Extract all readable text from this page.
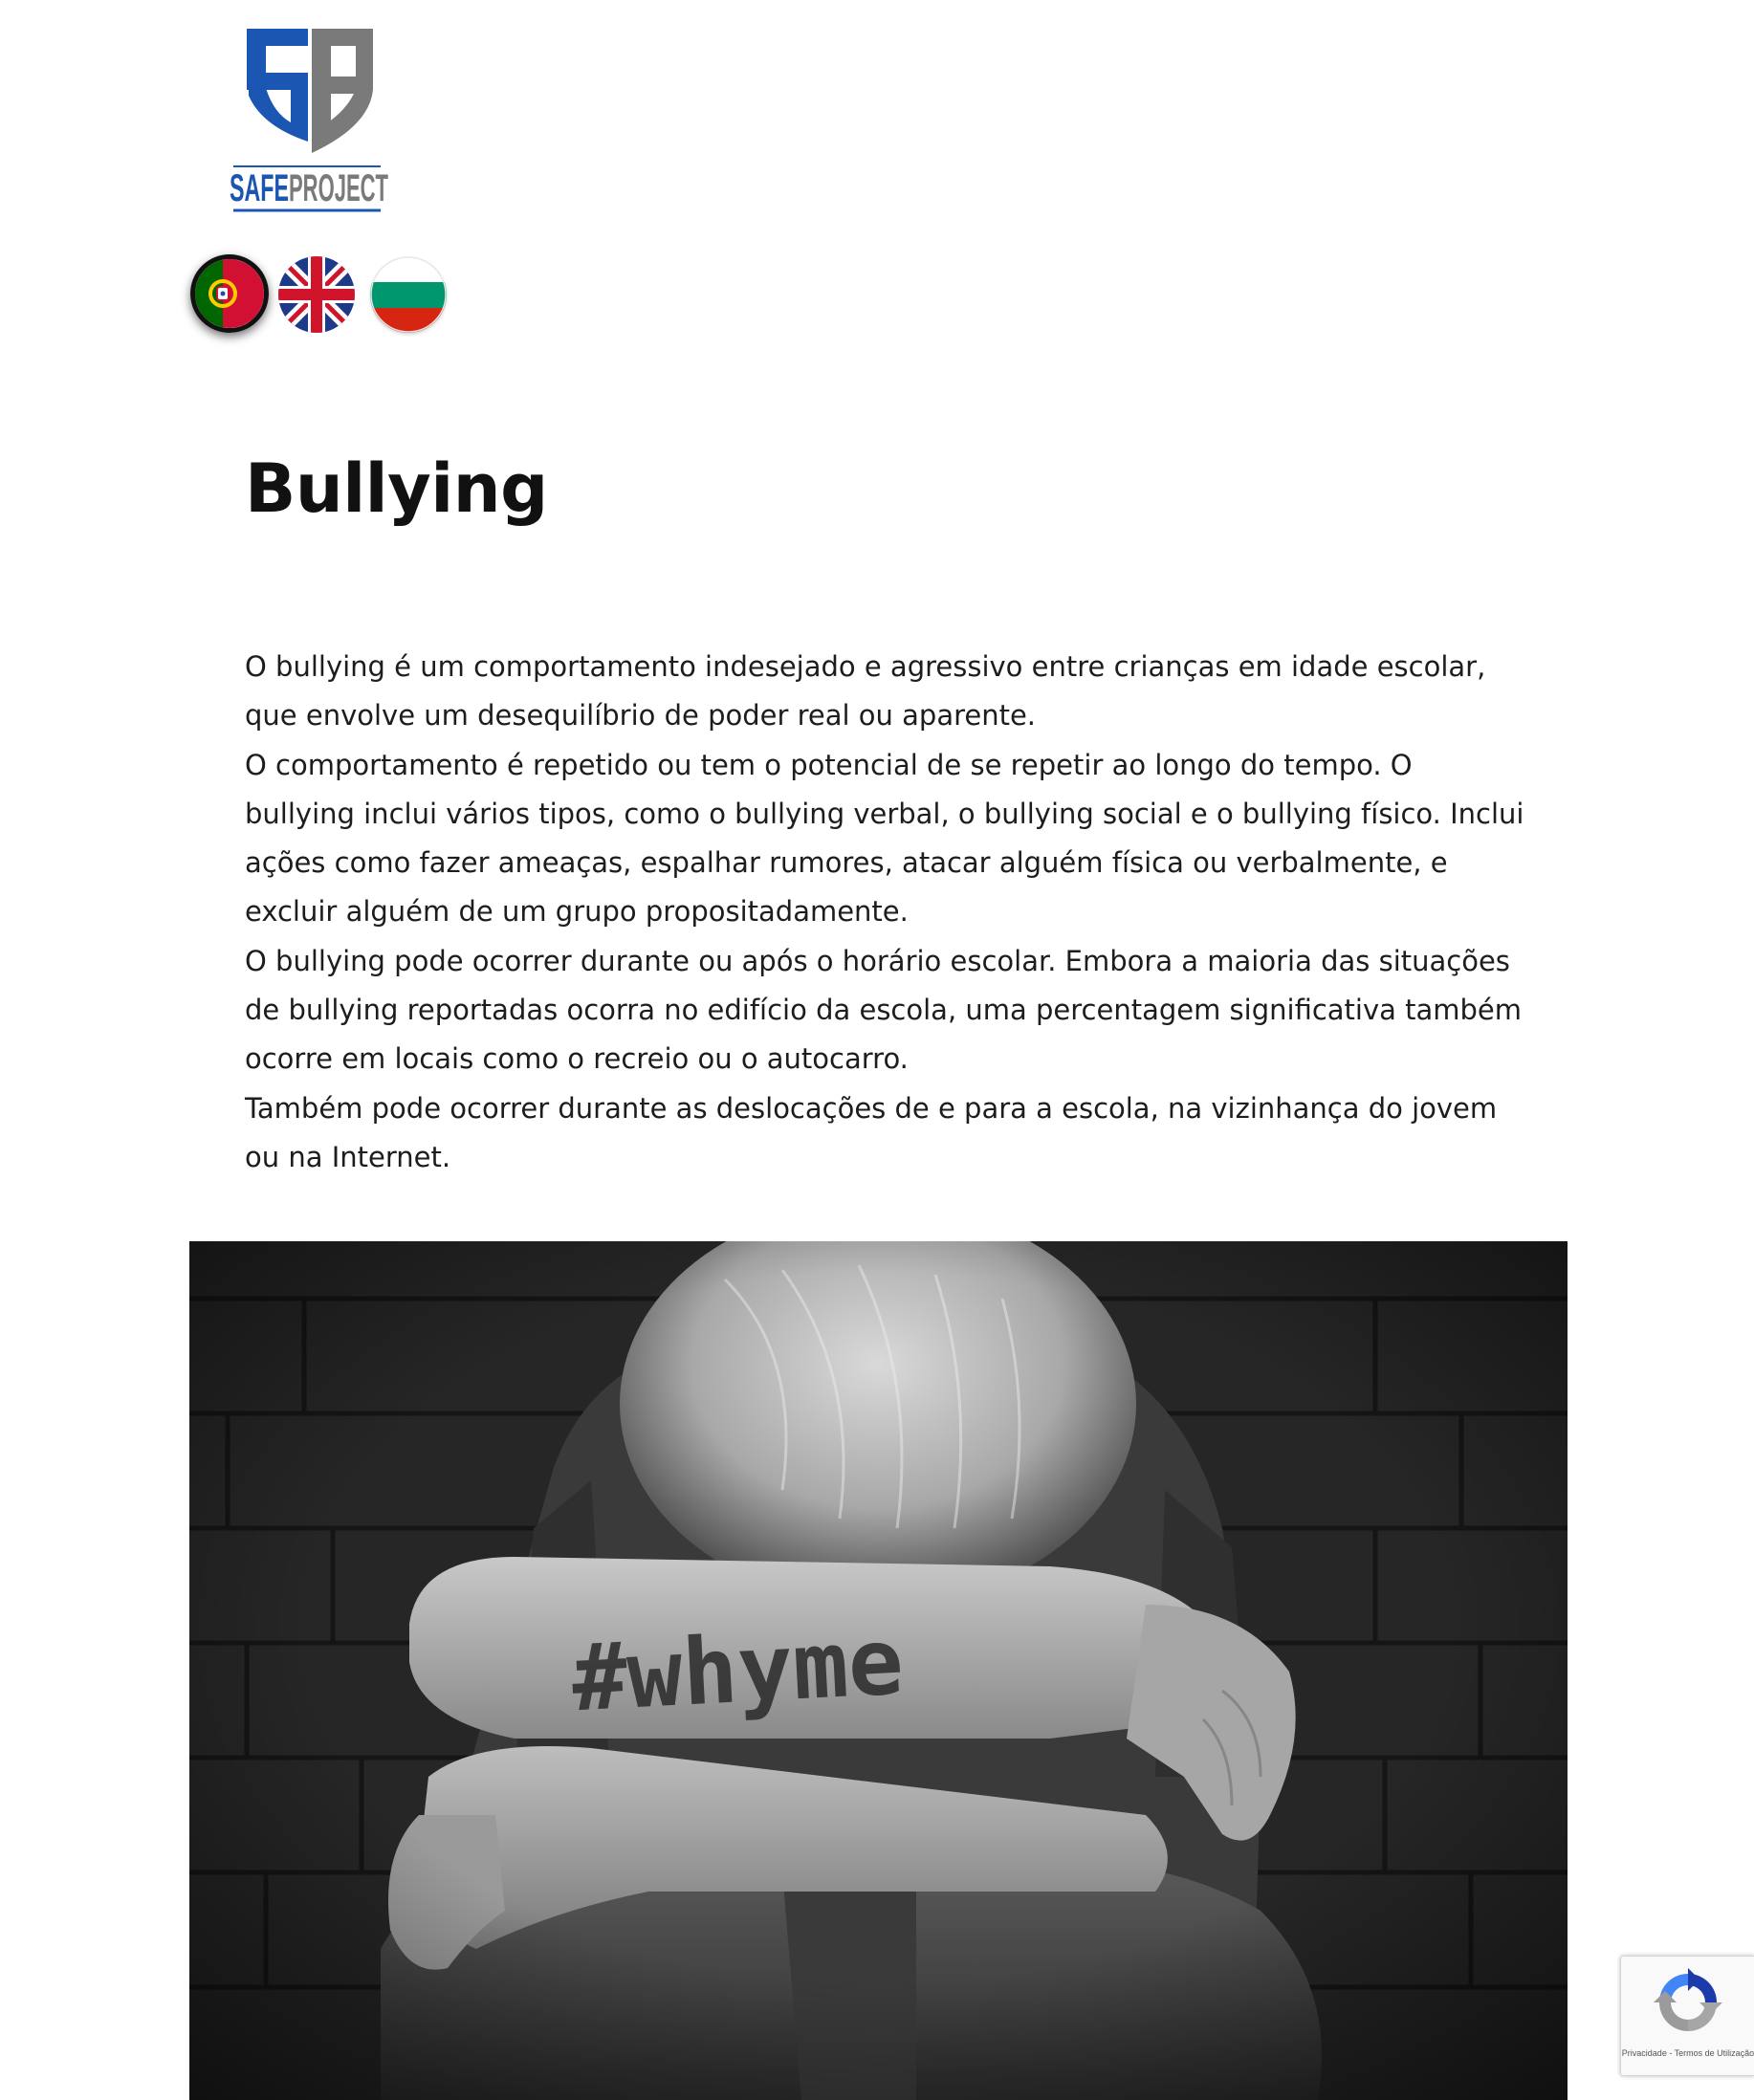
SAFE PROJECT
Bullying

O bullying é um comportamento indesejado e agressivo entre crianças em idade escolar, que envolve um desequilíbrio de poder real ou aparente.

O comportamento é repetido ou tem o potencial de se repetir ao longo do tempo. O bullying inclui vários tipos, como o bullying verbal, o bullying social e o bullying físico. Inclui ações como fazer ameaças, espalhar rumores, atacar alguém física ou verbalmente, e excluir alguém de um grupo propositadamente.

O bullying pode ocorrer durante ou após o horário escolar. Embora a maioria das situações de bullying reportadas ocorra no edifício da escola, uma percentagem significativa também ocorre em locais como o recreio ou o autocarro.

Também pode ocorrer durante as deslocações de e para a escola, na vizinhança do jovem ou na Internet.

Privacidade - Termos de Utilização
